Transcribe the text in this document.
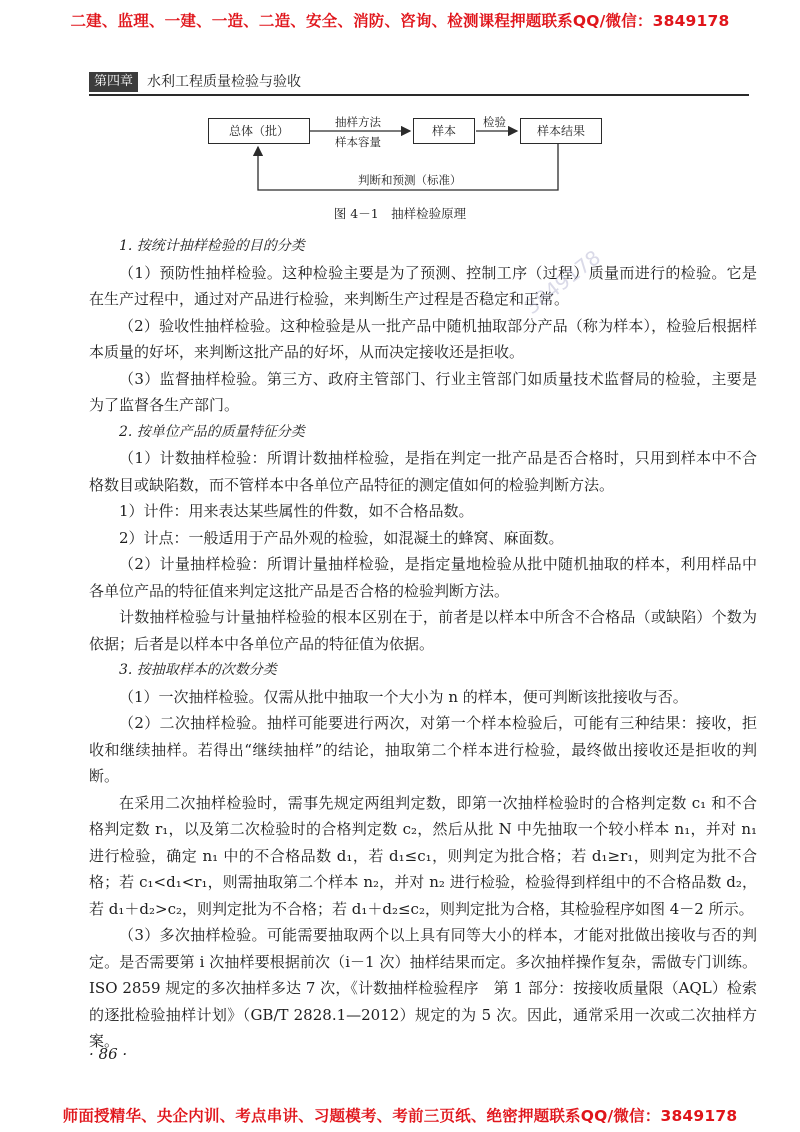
二建、监理、一建、一造、二造、安全、消防、咨询、检测课程押题联系QQ/微信：3849178
第四章 水利工程质量检验与验收
总体（批）	样本	样本结果
抽样方法
样本容量
检验
判断和预测（标准）
图 4－1　抽样检验原理
1. 按统计抽样检验的目的分类
（1）预防性抽样检验。这种检验主要是为了预测、控制工序（过程）质量而进行的检验。它是在生产过程中，通过对产品进行检验，来判断生产过程是否稳定和正常。
（2）验收性抽样检验。这种检验是从一批产品中随机抽取部分产品（称为样本），检验后根据样本质量的好坏，来判断这批产品的好坏，从而决定接收还是拒收。
（3）监督抽样检验。第三方、政府主管部门、行业主管部门如质量技术监督局的检验，主要是为了监督各生产部门。
2. 按单位产品的质量特征分类
（1）计数抽样检验：所谓计数抽样检验，是指在判定一批产品是否合格时，只用到样本中不合格数目或缺陷数，而不管样本中各单位产品特征的测定值如何的检验判断方法。
1）计件：用来表达某些属性的件数，如不合格品数。
2）计点：一般适用于产品外观的检验，如混凝土的蜂窝、麻面数。
（2）计量抽样检验：所谓计量抽样检验，是指定量地检验从批中随机抽取的样本，利用样品中各单位产品的特征值来判定这批产品是否合格的检验判断方法。
计数抽样检验与计量抽样检验的根本区别在于，前者是以样本中所含不合格品（或缺陷）个数为依据；后者是以样本中各单位产品的特征值为依据。
3. 按抽取样本的次数分类
（1）一次抽样检验。仅需从批中抽取一个大小为 n 的样本，便可判断该批接收与否。
（2）二次抽样检验。抽样可能要进行两次，对第一个样本检验后，可能有三种结果：接收，拒收和继续抽样。若得出“继续抽样”的结论，抽取第二个样本进行检验，最终做出接收还是拒收的判断。
在采用二次抽样检验时，需事先规定两组判定数，即第一次抽样检验时的合格判定数 c₁ 和不合格判定数 r₁，以及第二次检验时的合格判定数 c₂，然后从批 N 中先抽取一个较小样本 n₁，并对 n₁ 进行检验，确定 n₁ 中的不合格品数 d₁，若 d₁≤c₁，则判定为批合格；若 d₁≥r₁，则判定为批不合格；若 c₁<d₁<r₁，则需抽取第二个样本 n₂，并对 n₂ 进行检验，检验得到样组中的不合格品数 d₂，若 d₁＋d₂>c₂，则判定批为不合格；若 d₁＋d₂≤c₂，则判定批为合格，其检验程序如图 4－2 所示。
（3）多次抽样检验。可能需要抽取两个以上具有同等大小的样本，才能对批做出接收与否的判定。是否需要第 i 次抽样要根据前次（i－1 次）抽样结果而定。多次抽样操作复杂，需做专门训练。ISO 2859 规定的多次抽样多达 7 次，《计数抽样检验程序　第 1 部分：按接收质量限（AQL）检索的逐批检验抽样计划》（GB/T 2828.1—2012）规定的为 5 次。因此，通常采用一次或二次抽样方案。
· 86 ·
3849178
师面授精华、央企内训、考点串讲、习题模考、考前三页纸、绝密押题联系QQ/微信：3849178
